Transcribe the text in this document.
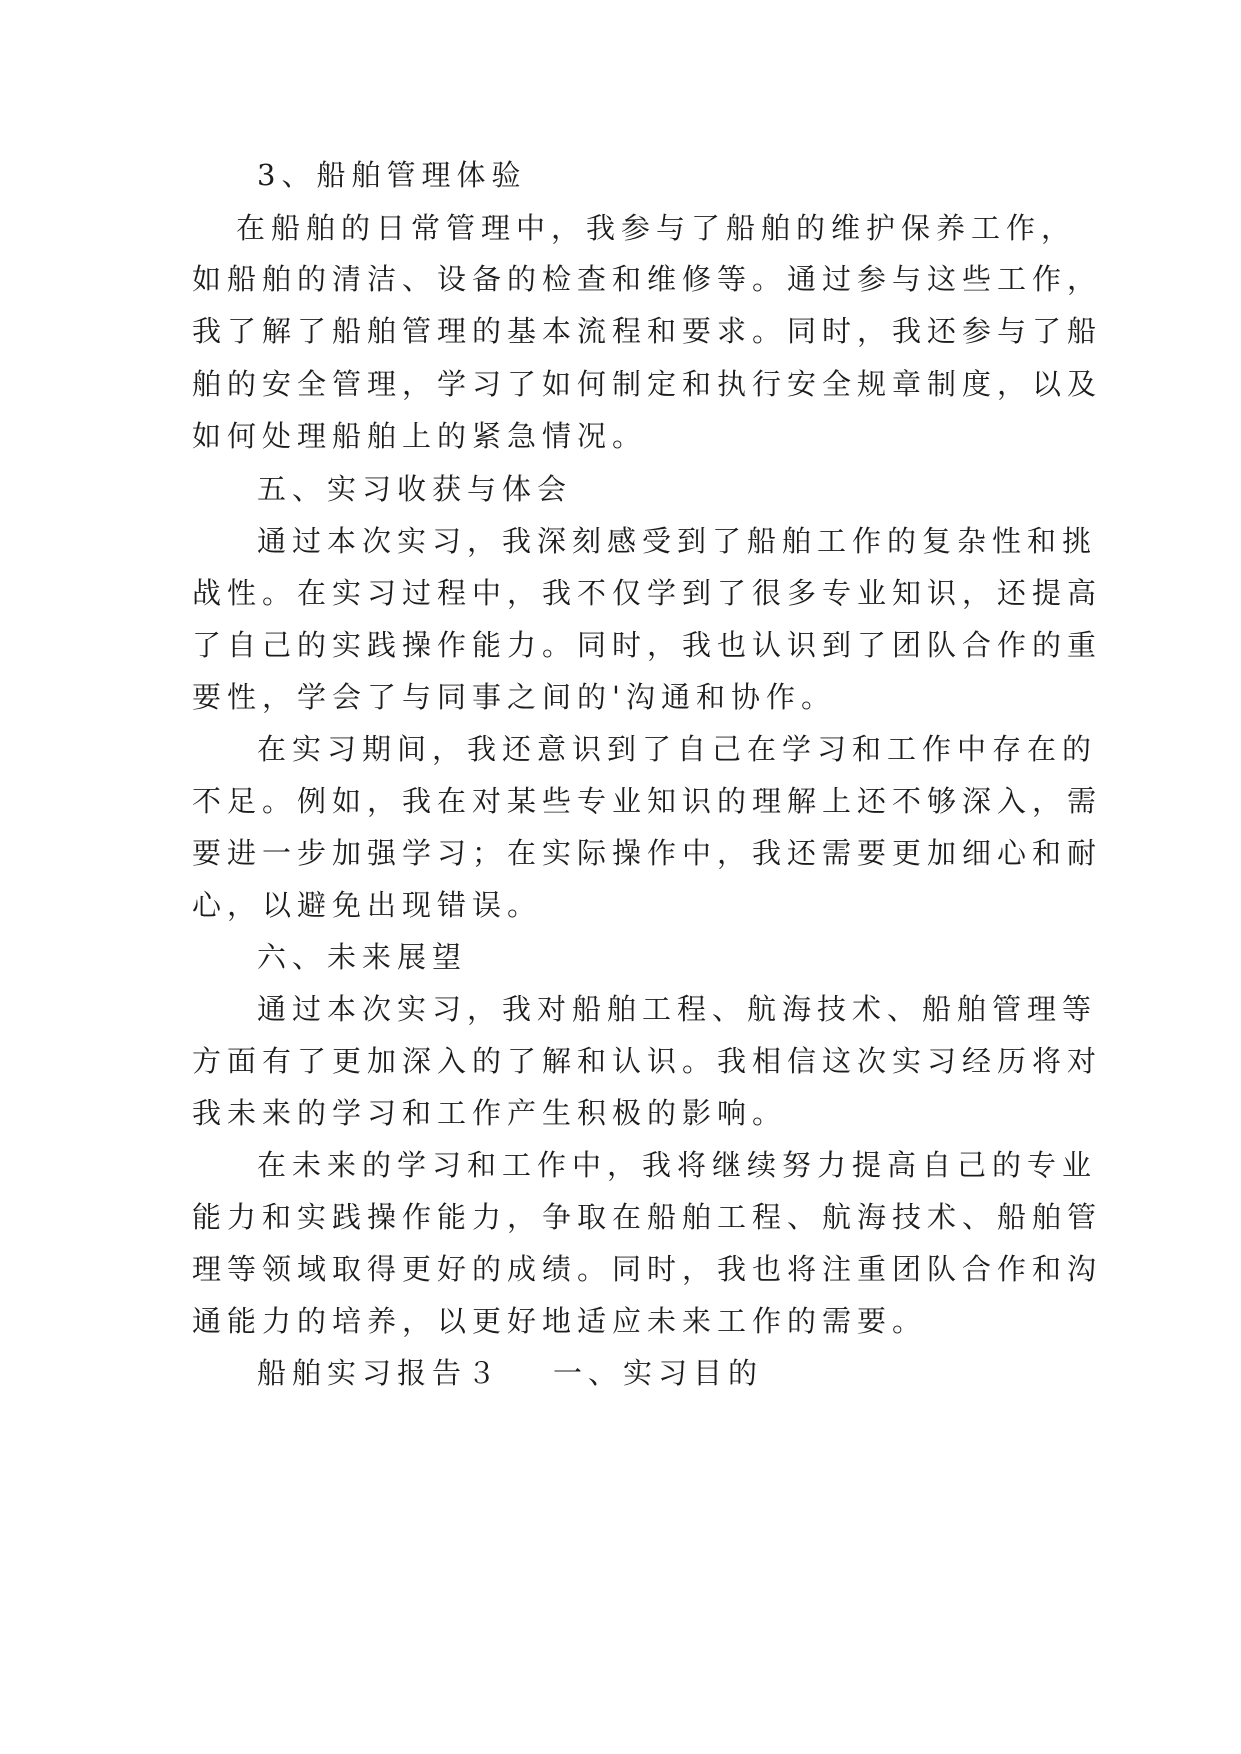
3、船舶管理体验
在船舶的日常管理中，我参与了船舶的维护保养工作，
如船舶的清洁、设备的检查和维修等。通过参与这些工作，
我了解了船舶管理的基本流程和要求。同时，我还参与了船
舶的安全管理，学习了如何制定和执行安全规章制度，以及
如何处理船舶上的紧急情况。
五、实习收获与体会
通过本次实习，我深刻感受到了船舶工作的复杂性和挑
战性。在实习过程中，我不仅学到了很多专业知识，还提高
了自己的实践操作能力。同时，我也认识到了团队合作的重
要性，学会了与同事之间的'沟通和协作。
在实习期间，我还意识到了自己在学习和工作中存在的
不足。例如，我在对某些专业知识的理解上还不够深入，需
要进一步加强学习；在实际操作中，我还需要更加细心和耐
心，以避免出现错误。
六、未来展望
通过本次实习，我对船舶工程、航海技术、船舶管理等
方面有了更加深入的了解和认识。我相信这次实习经历将对
我未来的学习和工作产生积极的影响。
在未来的学习和工作中，我将继续努力提高自己的专业
能力和实践操作能力，争取在船舶工程、航海技术、船舶管
理等领域取得更好的成绩。同时，我也将注重团队合作和沟
通能力的培养，以更好地适应未来工作的需要。
船舶实习报告３ 一、实习目的
